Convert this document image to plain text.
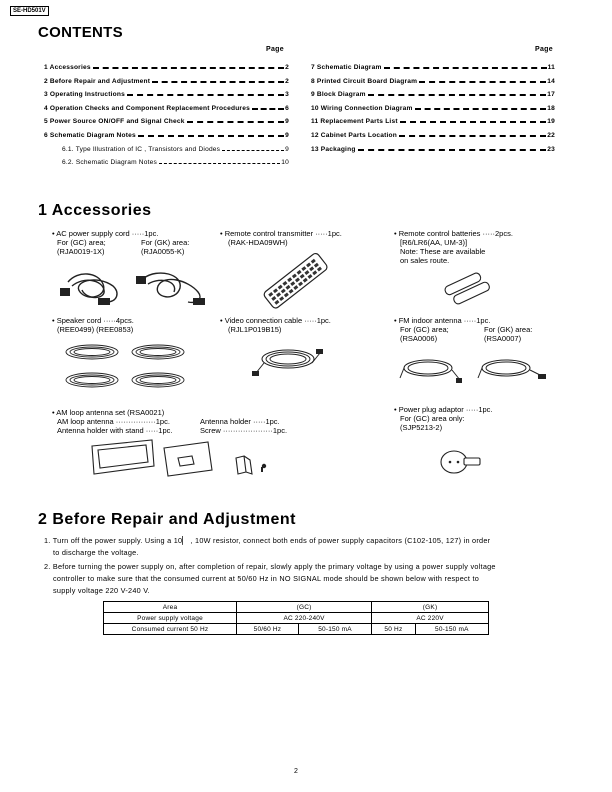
SE-HD501V
CONTENTS
Page	Page
1 Accessories	2
2 Before Repair and Adjustment	2
3 Operating Instructions	3
4 Operation Checks and Component Replacement Procedures	6
5 Power Source ON/OFF and Signal Check	9
6 Schematic Diagram Notes	9
6.1. Type Illustration of IC , Transistors and Diodes	9
6.2. Schematic Diagram Notes	10
7 Schematic Diagram	11
8 Printed Circuit Board Diagram	14
9 Block Diagram	17
10 Wiring Connection Diagram	18
11 Replacement Parts List	19
12 Cabinet Parts Location	22
13 Packaging	23
1 Accessories
• AC power supply cord ·····1pc.
For (GC) area;	For (GK) area:
(RJA0019-1X)	(RJA0055-K)
• Remote control transmitter ·····1pc.
(RAK-HDA09WH)
• Remote control batteries ·····2pcs.
[R6/LR6(AA, UM-3)]
Note: These are available
on sales route.
• Speaker cord ·····4pcs.
(REE0499) (REE0853)
• Video connection cable ·····1pc.
(RJL1P019B15)
• FM indoor antenna ·····1pc.
For (GC) area;	For (GK) area:
(RSA0006)	(RSA0007)
• AM loop antenna set (RSA0021)
AM loop antenna ················1pc.
Antenna holder with stand ·····1pc.
Antenna holder ·····1pc.
Screw ····················1pc.
• Power plug adaptor ·····1pc.
For (GC) area only:
(SJP5213-2)
2 Before Repair and Adjustment
1. Turn off the power supply. Using a 10▏ , 10W resistor, connect both ends of power supply capacitors (C102-105, 127) in order
to discharge the voltage.
2. Before turning the power supply on, after completion of repair, slowly apply the primary voltage by using a power supply voltage
controller to make sure that the consumed current at 50/60 Hz in NO SIGNAL mode should be shown below with respect to
supply voltage 220 V-240 V.
Area	(GC)		(GK)	
Power supply voltage	AC 220-240V		AC 220V	
Consumed current 50 Hz	50/60 Hz	50-150 mA	50 Hz	50-150 mA
2
